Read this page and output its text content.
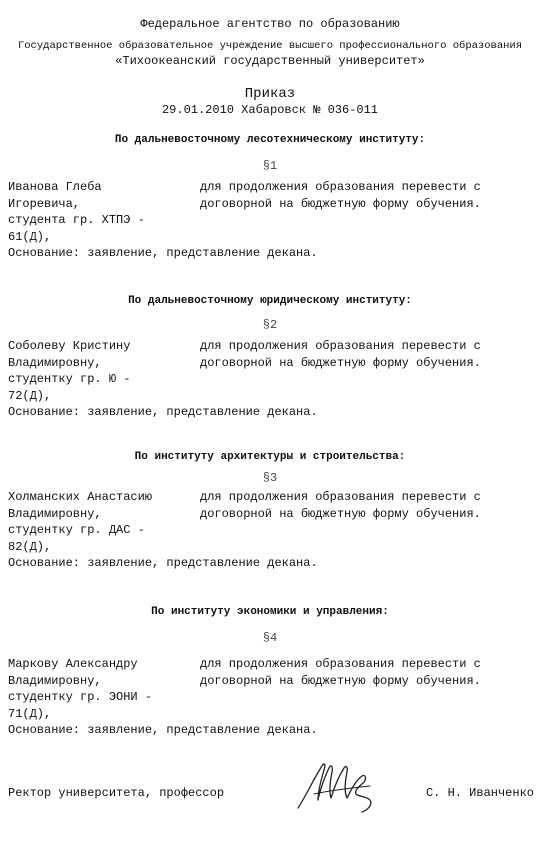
Федеральное агентство по образованию
Государственное образовательное учреждение высшего профессионального образования
«Тихоокеанский государственный университет»
Приказ
29.01.2010 Хабаровск № 036-011
По дальневосточному лесотехническому институту:
§1
Иванова Глеба
Игоревича,
студента гр. ХТПЭ -
61(Д),
для продолжения образования перевести с
договорной на бюджетную форму обучения.
Основание: заявление, представление декана.
По дальневосточному юридическому институту:
§2
Соболеву Кристину
Владимировну,
студентку гр. Ю -
72(Д),
для продолжения образования перевести с
договорной на бюджетную форму обучения.
Основание: заявление, представление декана.
По институту архитектуры и строительства:
§3
Холманских Анастасию
Владимировну,
студентку гр. ДАС -
82(Д),
для продолжения образования перевести с
договорной на бюджетную форму обучения.
Основание: заявление, представление декана.
По институту экономики и управления:
§4
Маркову Александру
Владимировну,
студентку гр. ЭОНИ -
71(Д),
для продолжения образования перевести с
договорной на бюджетную форму обучения.
Основание: заявление, представление декана.
Ректор университета, профессор	С. Н. Иванченко
